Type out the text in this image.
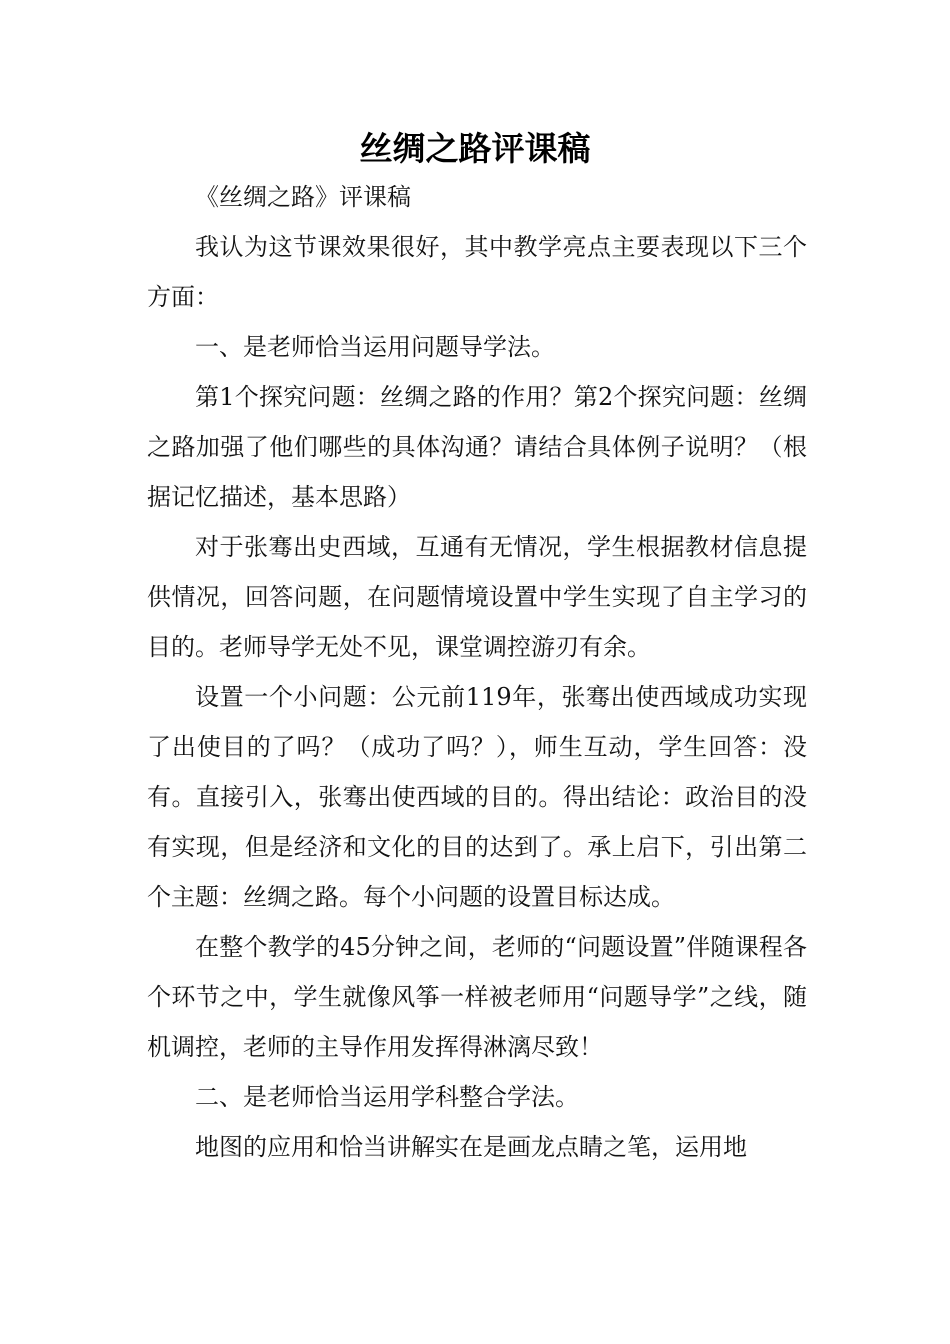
丝绸之路评课稿

《丝绸之路》评课稿

我认为这节课效果很好，其中教学亮点主要表现以下三个方面：

一、是老师恰当运用问题导学法。

第1个探究问题：丝绸之路的作用？第2个探究问题：丝绸之路加强了他们哪些的具体沟通？请结合具体例子说明？（根据记忆描述，基本思路）

对于张骞出史西域，互通有无情况，学生根据教材信息提供情况，回答问题，在问题情境设置中学生实现了自主学习的目的。老师导学无处不见，课堂调控游刃有余。

设置一个小问题：公元前119年，张骞出使西域成功实现了出使目的了吗？（成功了吗？），师生互动，学生回答：没有。直接引入，张骞出使西域的目的。得出结论：政治目的没有实现，但是经济和文化的目的达到了。承上启下，引出第二个主题：丝绸之路。每个小问题的设置目标达成。

在整个教学的45分钟之间，老师的“问题设置”伴随课程各个环节之中，学生就像风筝一样被老师用“问题导学”之线，随机调控，老师的主导作用发挥得淋漓尽致！

二、是老师恰当运用学科整合学法。

地图的应用和恰当讲解实在是画龙点睛之笔，运用地
